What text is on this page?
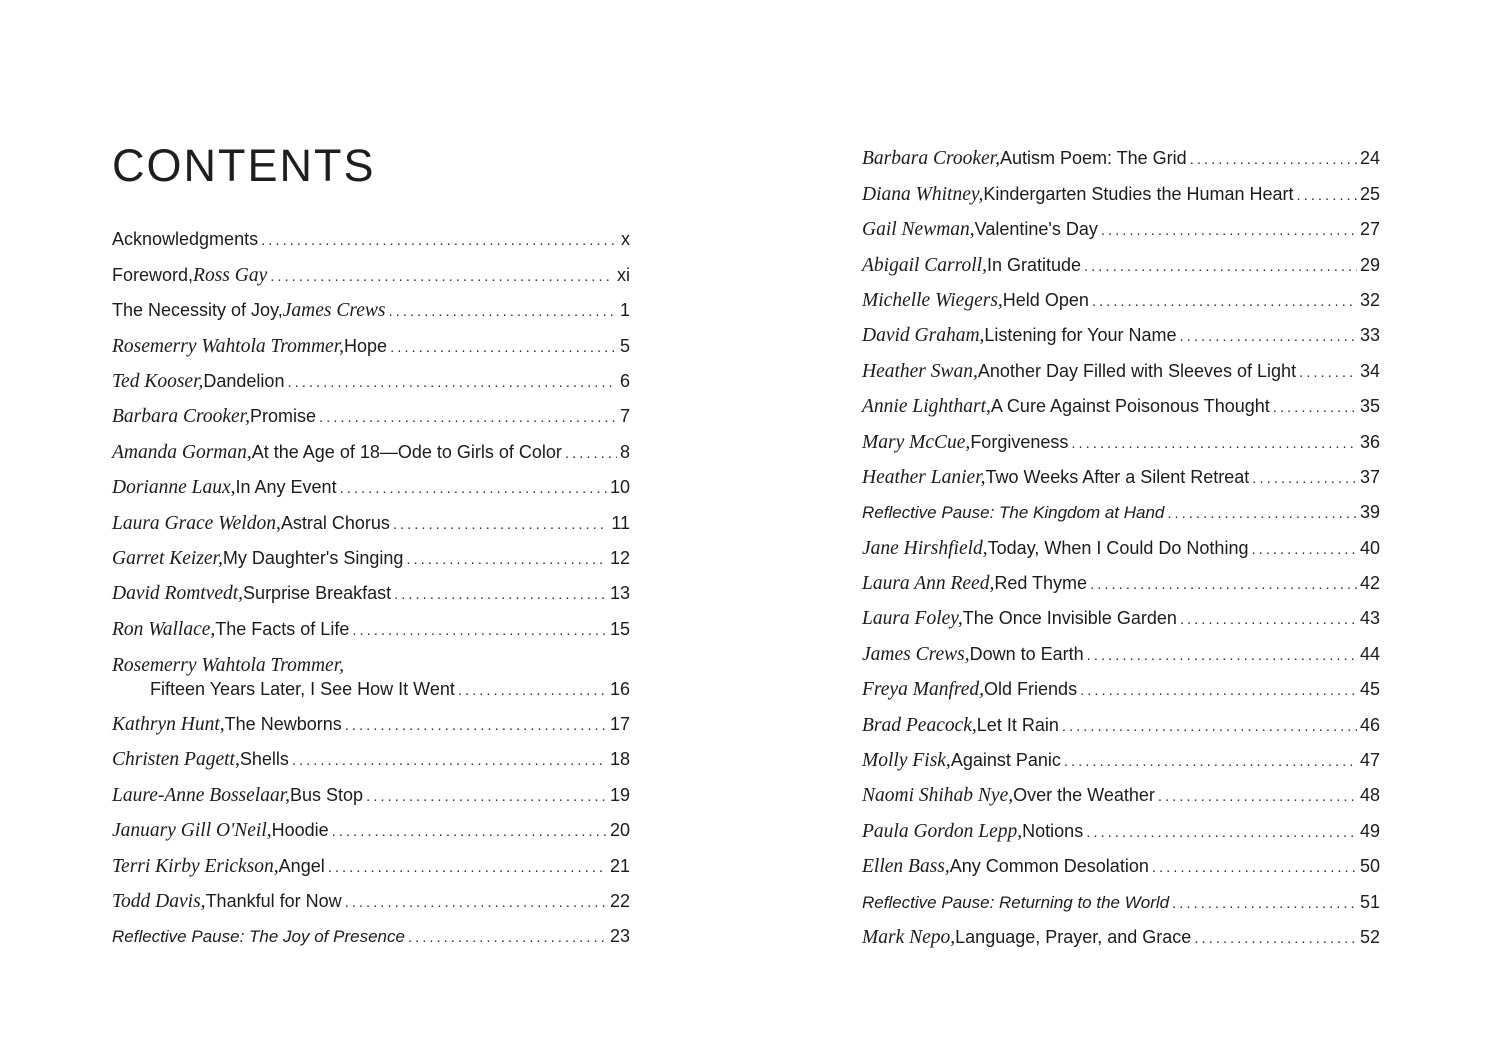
CONTENTS
Acknowledgments . . .	x
Foreword, Ross Gay . . .	xi
The Necessity of Joy, James Crews . . .	1
Rosemerry Wahtola Trommer, Hope . . .	5
Ted Kooser, Dandelion . . .	6
Barbara Crooker, Promise . . .	7
Amanda Gorman, At the Age of 18—Ode to Girls of Color . . .	8
Dorianne Laux, In Any Event . . .	10
Laura Grace Weldon, Astral Chorus . . .	11
Garret Keizer, My Daughter's Singing . . .	12
David Romtvedt, Surprise Breakfast . . .	13
Ron Wallace, The Facts of Life . . .	15
Rosemerry Wahtola Trommer,
Fifteen Years Later, I See How It Went . . .	16
Kathryn Hunt, The Newborns . . .	17
Christen Pagett, Shells . . .	18
Laure-Anne Bosselaar, Bus Stop . . .	19
January Gill O'Neil, Hoodie . . .	20
Terri Kirby Erickson, Angel . . .	21
Todd Davis, Thankful for Now . . .	22
Reflective Pause: The Joy of Presence . . .	23
Barbara Crooker, Autism Poem: The Grid . . .	24
Diana Whitney, Kindergarten Studies the Human Heart . . .	25
Gail Newman, Valentine's Day . . .	27
Abigail Carroll, In Gratitude . . .	29
Michelle Wiegers, Held Open . . .	32
David Graham, Listening for Your Name . . .	33
Heather Swan, Another Day Filled with Sleeves of Light . . .	34
Annie Lighthart, A Cure Against Poisonous Thought . . .	35
Mary McCue, Forgiveness . . .	36
Heather Lanier, Two Weeks After a Silent Retreat . . .	37
Reflective Pause: The Kingdom at Hand . . .	39
Jane Hirshfield, Today, When I Could Do Nothing . . .	40
Laura Ann Reed, Red Thyme . . .	42
Laura Foley, The Once Invisible Garden . . .	43
James Crews, Down to Earth . . .	44
Freya Manfred, Old Friends . . .	45
Brad Peacock, Let It Rain . . .	46
Molly Fisk, Against Panic . . .	47
Naomi Shihab Nye, Over the Weather . . .	48
Paula Gordon Lepp, Notions . . .	49
Ellen Bass, Any Common Desolation . . .	50
Reflective Pause: Returning to the World . . .	51
Mark Nepo, Language, Prayer, and Grace . . .	52
